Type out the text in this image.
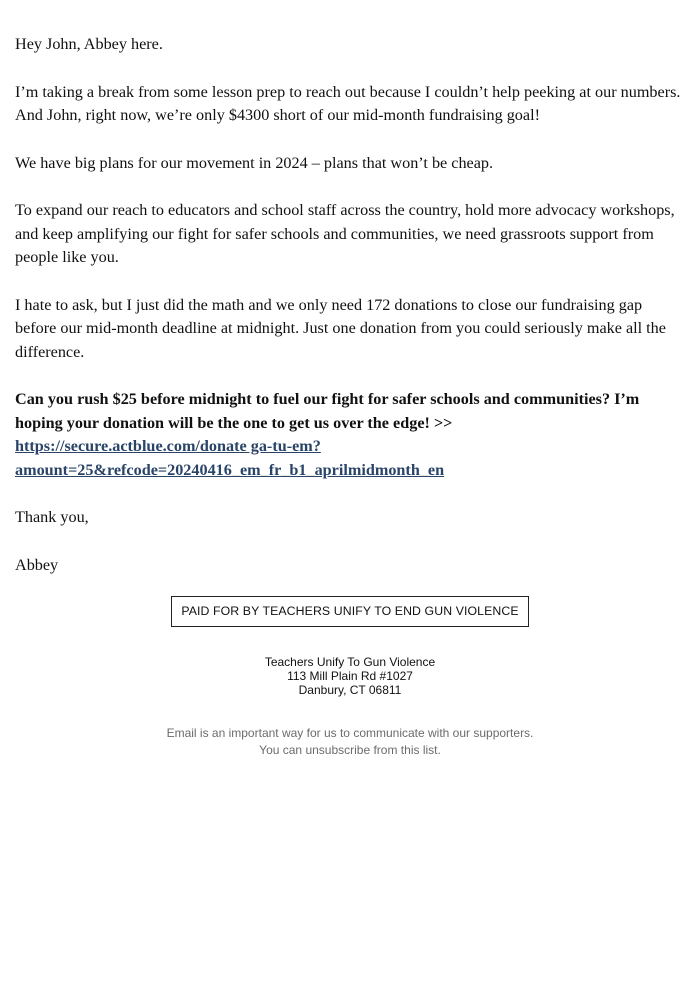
Hey John, Abbey here.

I’m taking a break from some lesson prep to reach out because I couldn’t help peeking at our numbers. And John, right now, we’re only $4300 short of our mid-month fundraising goal!

We have big plans for our movement in 2024 – plans that won’t be cheap.

To expand our reach to educators and school staff across the country, hold more advocacy workshops, and keep amplifying our fight for safer schools and communities, we need grassroots support from people like you.

I hate to ask, but I just did the math and we only need 172 donations to close our fundraising gap before our mid-month deadline at midnight. Just one donation from you could seriously make all the difference.

Can you rush $25 before midnight to fuel our fight for safer schools and communities? I’m hoping your donation will be the one to get us over the edge! >>
https://secure.actblue.com/donate ga-tu-em?
amount=25&refcode=20240416_em_fr_b1_aprilmidmonth_en

Thank you,

Abbey

PAID FOR BY TEACHERS UNIFY TO END GUN VIOLENCE
Teachers Unify To Gun Violence
113 Mill Plain Rd #1027
Danbury, CT 06811
Email is an important way for us to communicate with our supporters.
You can unsubscribe from this list.
